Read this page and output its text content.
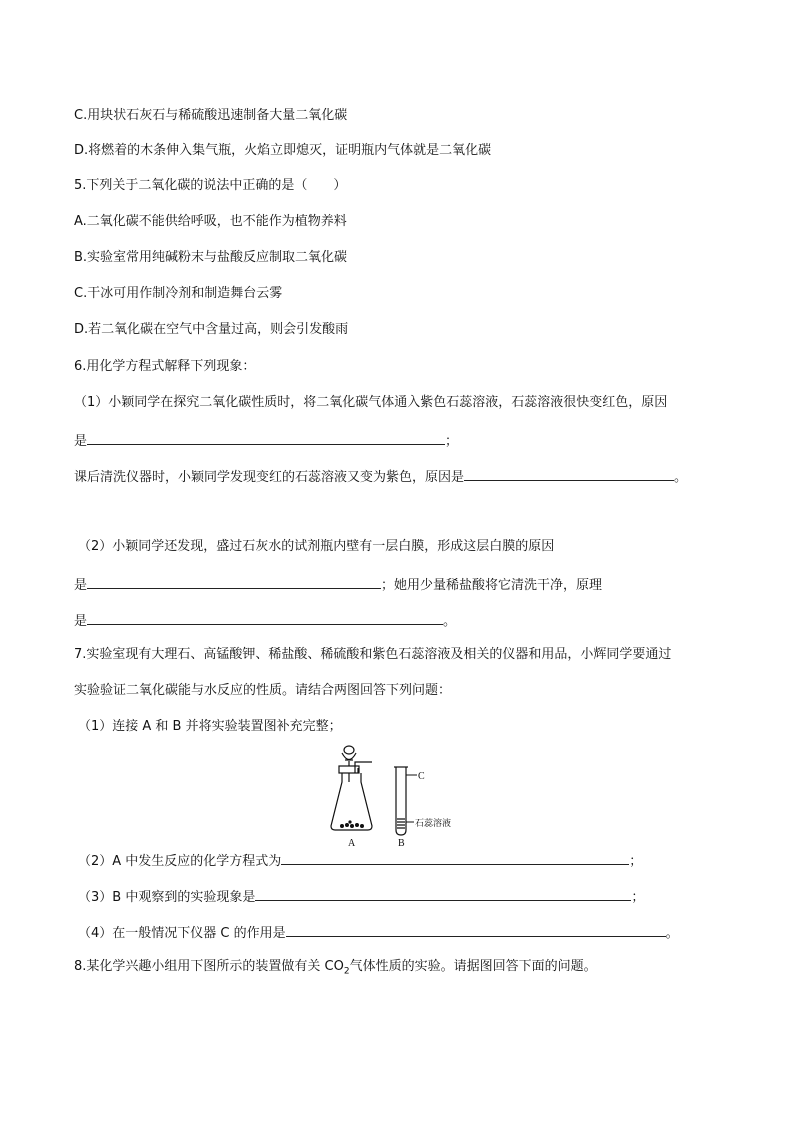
C.用块状石灰石与稀硫酸迅速制备大量二氧化碳
D.将燃着的木条伸入集气瓶，火焰立即熄灭，证明瓶内气体就是二氧化碳
5.下列关于二氧化碳的说法中正确的是（　　）
A.二氧化碳不能供给呼吸，也不能作为植物养料
B.实验室常用纯碱粉末与盐酸反应制取二氧化碳
C.干冰可用作制冷剂和制造舞台云雾
D.若二氧化碳在空气中含量过高，则会引发酸雨
6.用化学方程式解释下列现象：
（1）小颖同学在探究二氧化碳性质时，将二氧化碳气体通入紫色石蕊溶液，石蕊溶液很快变红色，原因
是	；
课后清洗仪器时，小颖同学发现变红的石蕊溶液又变为紫色，原因是	。
（2）小颖同学还发现，盛过石灰水的试剂瓶内壁有一层白膜，形成这层白膜的原因
是	；她用少量稀盐酸将它清洗干净，原理
是	。
7.实验室现有大理石、高锰酸钾、稀盐酸、稀硫酸和紫色石蕊溶液及相关的仪器和用品，小辉同学要通过
实验验证二氧化碳能与水反应的性质。请结合两图回答下列问题：
（1）连接 A 和 B 并将实验装置图补充完整；
C
石蕊溶液
A	B
（2）A 中发生反应的化学方程式为	；
（3）B 中观察到的实验现象是	；
（4）在一般情况下仪器 C 的作用是	。
8.某化学兴趣小组用下图所示的装置做有关 $CO_2$气体性质的实验。请据图回答下面的问题。
